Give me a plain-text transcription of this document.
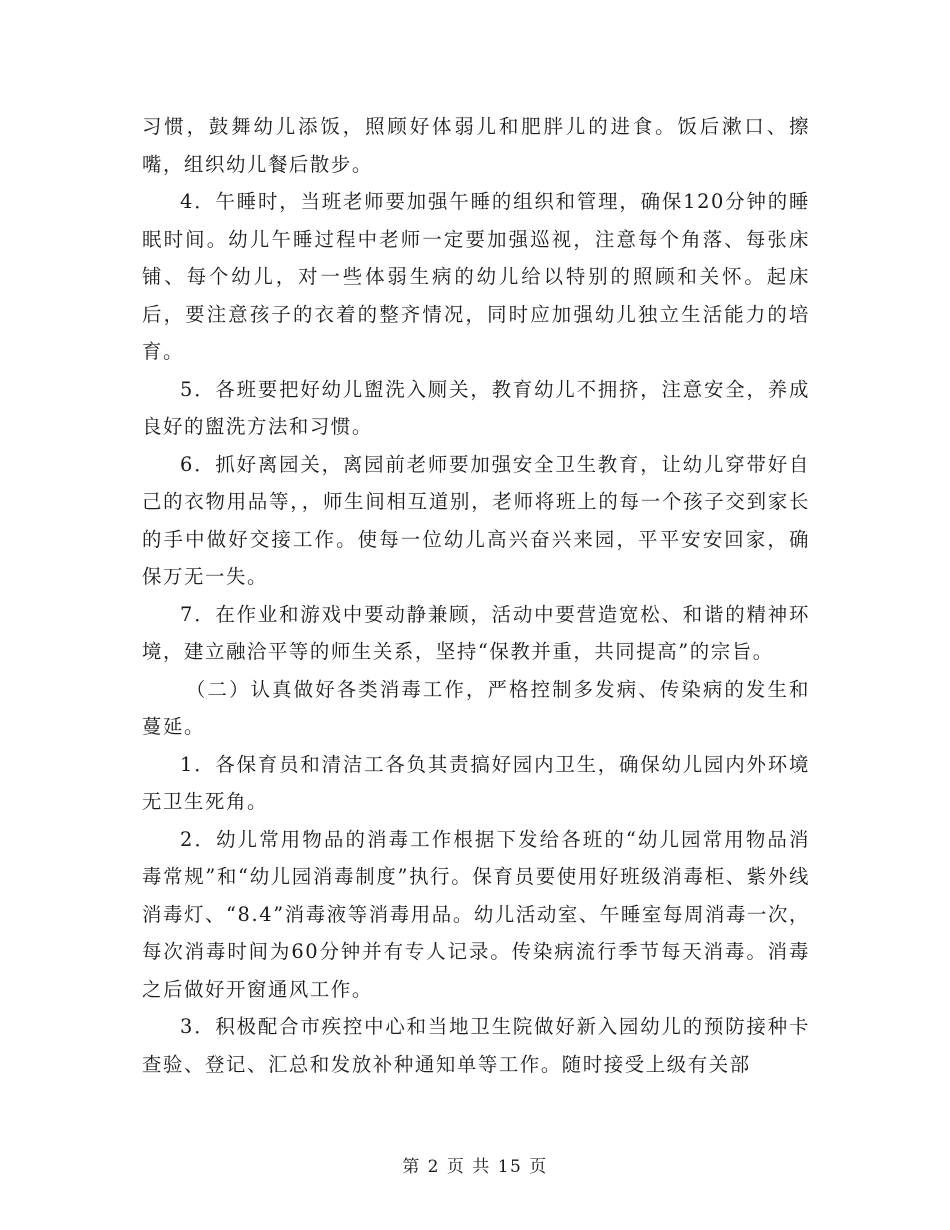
习惯，鼓舞幼儿添饭，照顾好体弱儿和肥胖儿的进食。饭后漱口、擦嘴，组织幼儿餐后散步。

4．午睡时，当班老师要加强午睡的组织和管理，确保120分钟的睡眠时间。幼儿午睡过程中老师一定要加强巡视，注意每个角落、每张床铺、每个幼儿，对一些体弱生病的幼儿给以特别的照顾和关怀。起床后，要注意孩子的衣着的整齐情况，同时应加强幼儿独立生活能力的培育。

5．各班要把好幼儿盥洗入厕关，教育幼儿不拥挤，注意安全，养成良好的盥洗方法和习惯。

6．抓好离园关，离园前老师要加强安全卫生教育，让幼儿穿带好自己的衣物用品等，，师生间相互道别，老师将班上的每一个孩子交到家长的手中做好交接工作。使每一位幼儿高兴奋兴来园，平平安安回家，确保万无一失。

7．在作业和游戏中要动静兼顾，活动中要营造宽松、和谐的精神环境，建立融洽平等的师生关系，坚持“保教并重，共同提高”的宗旨。

（二）认真做好各类消毒工作，严格控制多发病、传染病的发生和蔓延。

1．各保育员和清洁工各负其责搞好园内卫生，确保幼儿园内外环境无卫生死角。

2．幼儿常用物品的消毒工作根据下发给各班的“幼儿园常用物品消毒常规”和“幼儿园消毒制度”执行。保育员要使用好班级消毒柜、紫外线消毒灯、“8.4”消毒液等消毒用品。幼儿活动室、午睡室每周消毒一次，每次消毒时间为60分钟并有专人记录。传染病流行季节每天消毒。消毒之后做好开窗通风工作。

3．积极配合市疾控中心和当地卫生院做好新入园幼儿的预防接种卡查验、登记、汇总和发放补种通知单等工作。随时接受上级有关部

第 2 页 共 15 页
